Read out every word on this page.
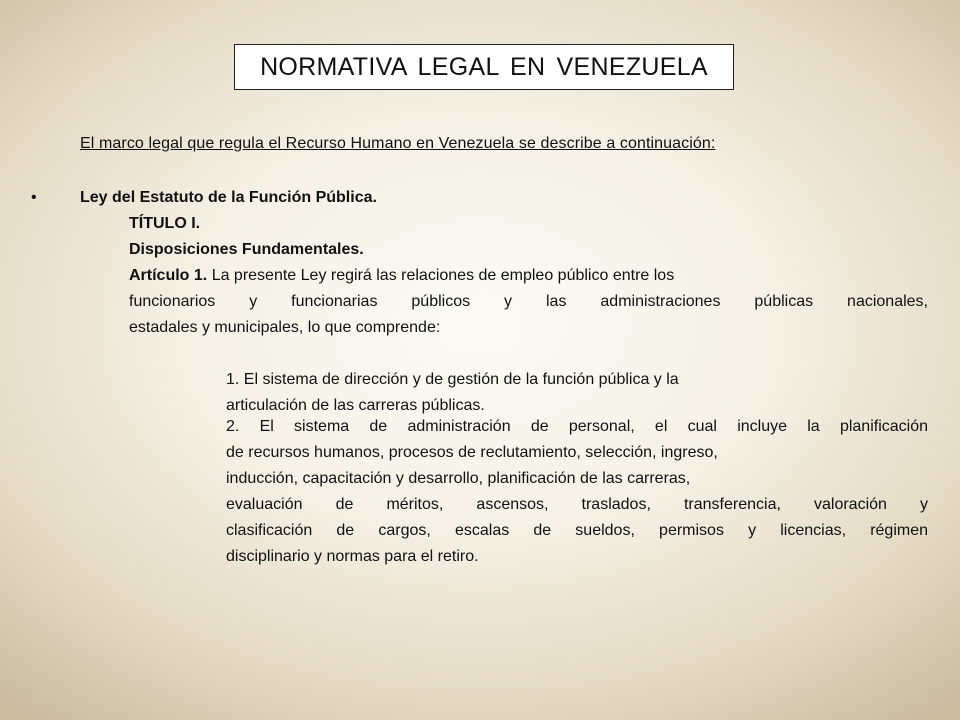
NORMATIVA LEGAL EN VENEZUELA
El marco legal que regula el Recurso Humano en Venezuela se describe a continuación:
•	Ley del Estatuto de la Función Pública.
TÍTULO I.
Disposiciones Fundamentales.
Artículo 1. La presente Ley regirá las relaciones de empleo público entre los
funcionarios y funcionarias públicos y las administraciones públicas nacionales,
estadales y municipales, lo que comprende:
1. El sistema de dirección y de gestión de la función pública y la
articulación de las carreras públicas.
2. El sistema de administración de personal, el cual incluye la planificación
de recursos humanos, procesos de reclutamiento, selección, ingreso,
inducción, capacitación y desarrollo, planificación de las carreras,
evaluación de méritos, ascensos, traslados, transferencia, valoración y
clasificación de cargos, escalas de sueldos, permisos y licencias, régimen
disciplinario y normas para el retiro.
